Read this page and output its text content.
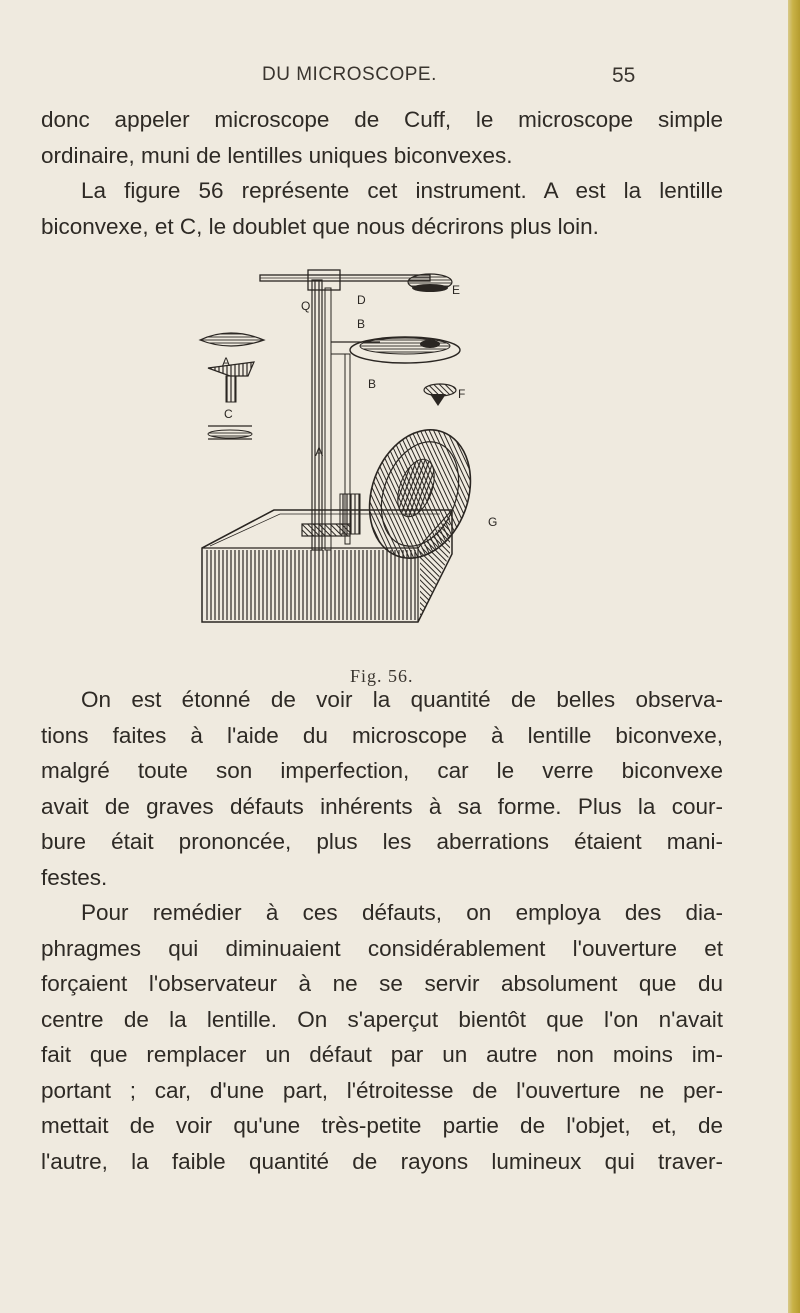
DU MICROSCOPE.	55
donc appeler microscope de Cuff, le microscope simple
ordinaire, muni de lentilles uniques biconvexes.
La figure 56 représente cet instrument. A est la lentille
biconvexe, et C, le doublet que nous décrirons plus loin.
D
E
Q
B
A
C
B
F
A
G
Fig. 56.
On est étonné de voir la quantité de belles observa-
tions faites à l'aide du microscope à lentille biconvexe,
malgré toute son imperfection, car le verre biconvexe
avait de graves défauts inhérents à sa forme. Plus la cour-
bure était prononcée, plus les aberrations étaient mani-
festes.
Pour remédier à ces défauts, on employa des dia-
phragmes qui diminuaient considérablement l'ouverture et
forçaient l'observateur à ne se servir absolument que du
centre de la lentille. On s'aperçut bientôt que l'on n'avait
fait que remplacer un défaut par un autre non moins im-
portant ; car, d'une part, l'étroitesse de l'ouverture ne per-
mettait de voir qu'une très-petite partie de l'objet, et, de
l'autre, la faible quantité de rayons lumineux qui traver-
